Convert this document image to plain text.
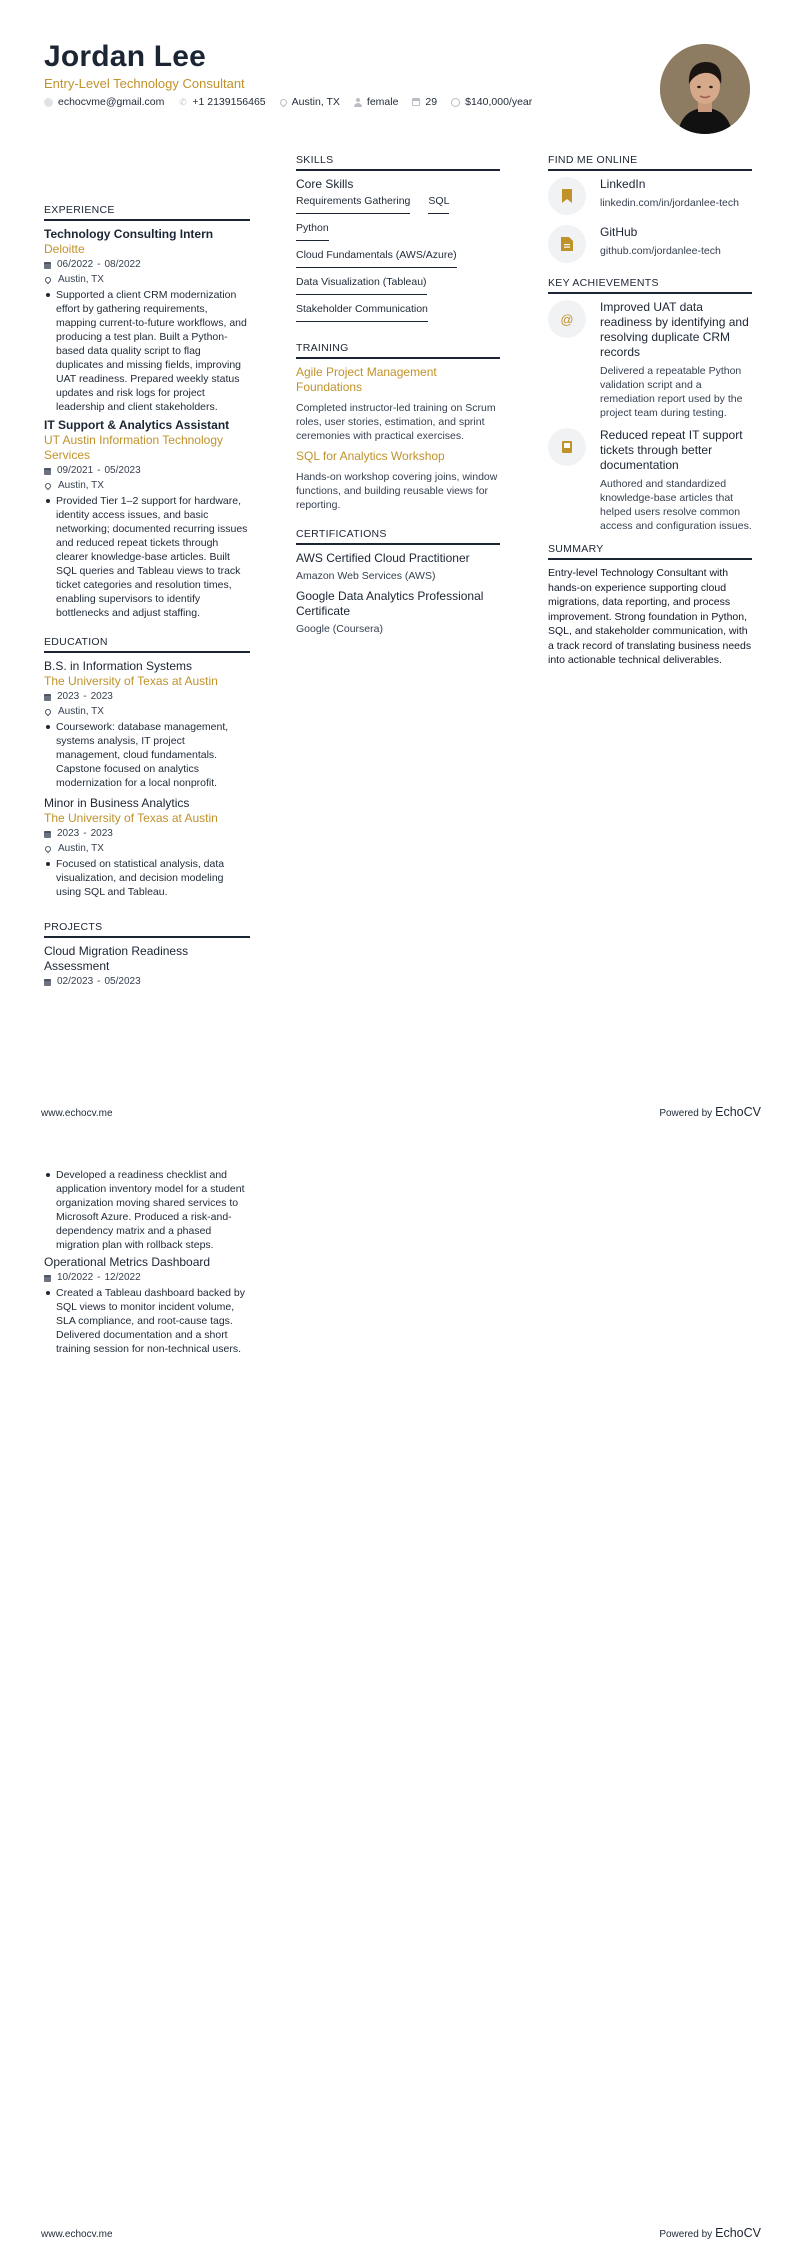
Jordan Lee
Entry-Level Technology Consultant
echocvme@gmail.com ✆ +1 2139156465 Austin, TX	female	29	$140,000/year
EXPERIENCE
Technology Consulting Intern
Deloitte
06/2022 - 08/2022
Austin, TX
Supported a client CRM modernization effort by gathering requirements, mapping current-to-future workflows, and producing a test plan. Built a Python-based data quality script to flag duplicates and missing fields, improving UAT readiness. Prepared weekly status updates and risk logs for project leadership and client stakeholders.
IT Support & Analytics Assistant
UT Austin Information Technology Services
09/2021 - 05/2023
Austin, TX
Provided Tier 1–2 support for hardware, identity access issues, and basic networking; documented recurring issues and reduced repeat tickets through clearer knowledge-base articles. Built SQL queries and Tableau views to track ticket categories and resolution times, enabling supervisors to identify bottlenecks and adjust staffing.
EDUCATION
B.S. in Information Systems
The University of Texas at Austin
2023 - 2023
Austin, TX
Coursework: database management, systems analysis, IT project management, cloud fundamentals. Capstone focused on analytics modernization for a local nonprofit.
Minor in Business Analytics
The University of Texas at Austin
2023 - 2023
Austin, TX
Focused on statistical analysis, data visualization, and decision modeling using SQL and Tableau.
PROJECTS
Cloud Migration Readiness Assessment
02/2023 - 05/2023
SKILLS
Core Skills
Requirements Gathering SQL
Python
Cloud Fundamentals (AWS/Azure)
Data Visualization (Tableau)
Stakeholder Communication
TRAINING
Agile Project Management Foundations
Completed instructor-led training on Scrum roles, user stories, estimation, and sprint ceremonies with practical exercises.
SQL for Analytics Workshop
Hands-on workshop covering joins, window functions, and building reusable views for reporting.
CERTIFICATIONS
AWS Certified Cloud Practitioner
Amazon Web Services (AWS)
Google Data Analytics Professional Certificate
Google (Coursera)
FIND ME ONLINE
LinkedIn
linkedin.com/in/jordanlee-tech
GitHub
github.com/jordanlee-tech
KEY ACHIEVEMENTS
@
Improved UAT data readiness by identifying and resolving duplicate CRM records
Delivered a repeatable Python validation script and a remediation report used by the project team during testing.
Reduced repeat IT support tickets through better documentation
Authored and standardized knowledge-base articles that helped users resolve common access and configuration issues.
SUMMARY
Entry-level Technology Consultant with hands-on experience supporting cloud migrations, data reporting, and process improvement. Strong foundation in Python, SQL, and stakeholder communication, with a track record of translating business needs into actionable technical deliverables.
www.echocv.me	Powered by EchoCV
Developed a readiness checklist and application inventory model for a student organization moving shared services to Microsoft Azure. Produced a risk-and-dependency matrix and a phased migration plan with rollback steps.
Operational Metrics Dashboard
10/2022 - 12/2022
Created a Tableau dashboard backed by SQL views to monitor incident volume, SLA compliance, and root-cause tags. Delivered documentation and a short training session for non-technical users.
www.echocv.me	Powered by EchoCV
